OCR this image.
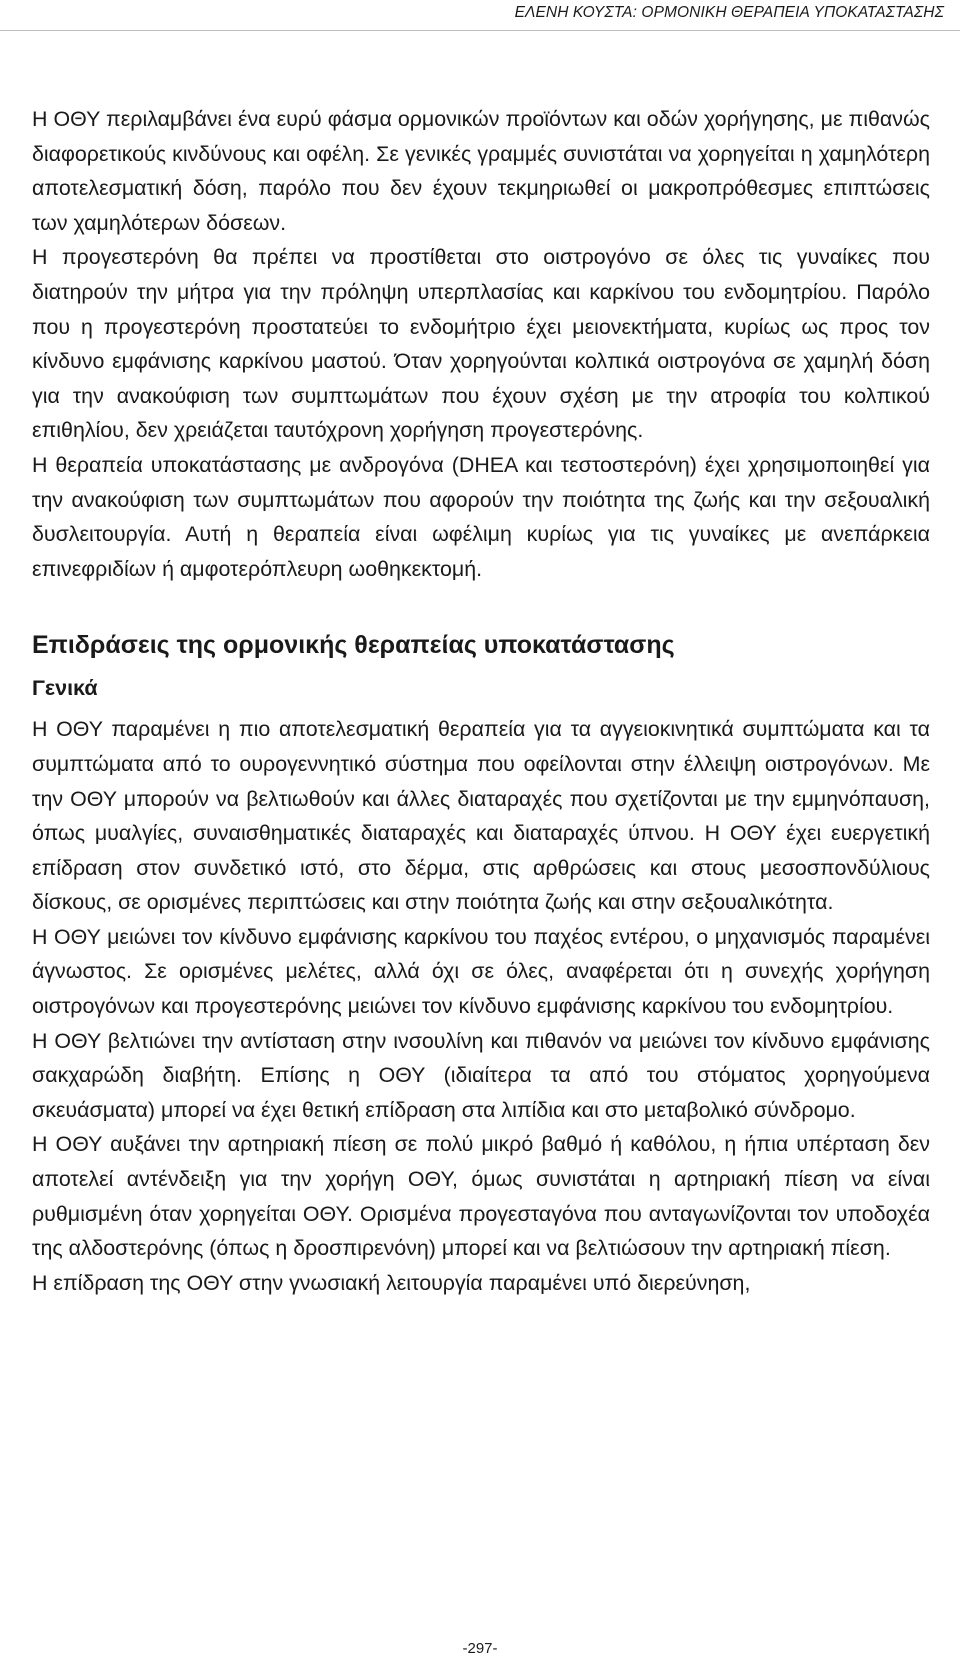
ΕΛΕΝΗ ΚΟΥΣΤΑ: ΟΡΜΟΝΙΚΗ ΘΕΡΑΠΕΙΑ ΥΠΟΚΑΤΑΣΤΑΣΗΣ

Η ΟΘΥ περιλαμβάνει ένα ευρύ φάσμα ορμονικών προϊόντων και οδών χορήγησης, με πιθανώς διαφορετικούς κινδύνους και οφέλη. Σε γενικές γραμμές συνιστάται να χορηγείται η χαμηλότερη αποτελεσματική δόση, παρόλο που δεν έχουν τεκμηριωθεί οι μακροπρόθεσμες επιπτώσεις των χαμηλότερων δόσεων.

Η προγεστερόνη θα πρέπει να προστίθεται στο οιστρογόνο σε όλες τις γυναίκες που διατηρούν την μήτρα για την πρόληψη υπερπλασίας και καρκίνου του ενδομητρίου. Παρόλο που η προγεστερόνη προστατεύει το ενδομήτριο έχει μειονεκτήματα, κυρίως ως προς τον κίνδυνο εμφάνισης καρκίνου μαστού. Όταν χορηγούνται κολπικά οιστρογόνα σε χαμηλή δόση για την ανακούφιση των συμπτωμάτων που έχουν σχέση με την ατροφία του κολπικού επιθηλίου, δεν χρειάζεται ταυτόχρονη χορήγηση προγεστερόνης.

Η θεραπεία υποκατάστασης με ανδρογόνα (DHEA και τεστοστερόνη) έχει χρησιμοποιηθεί για την ανακούφιση των συμπτωμάτων που αφορούν την ποιότητα της ζωής και την σεξουαλική δυσλειτουργία. Αυτή η θεραπεία είναι ωφέλιμη κυρίως για τις γυναίκες με ανεπάρκεια επινεφριδίων ή αμφοτερόπλευρη ωοθηκεκτομή.

Επιδράσεις της ορμονικής θεραπείας υποκατάστασης
Γενικά

Η ΟΘΥ παραμένει η πιο αποτελεσματική θεραπεία για τα αγγειοκινητικά συμπτώματα και τα συμπτώματα από το ουρογεννητικό σύστημα που οφείλονται στην έλλειψη οιστρογόνων. Με την ΟΘΥ μπορούν να βελτιωθούν και άλλες διαταραχές που σχετίζονται με την εμμηνόπαυση, όπως μυαλγίες, συναισθηματικές διαταραχές και διαταραχές ύπνου. Η ΟΘΥ έχει ευεργετική επίδραση στον συνδετικό ιστό, στο δέρμα, στις αρθρώσεις και στους μεσοσπονδύλιους δίσκους, σε ορισμένες περιπτώσεις και στην ποιότητα ζωής και στην σεξουαλικότητα.

Η ΟΘΥ μειώνει τον κίνδυνο εμφάνισης καρκίνου του παχέος εντέρου, ο μηχανισμός παραμένει άγνωστος. Σε ορισμένες μελέτες, αλλά όχι σε όλες, αναφέρεται ότι η συνεχής χορήγηση οιστρογόνων και προγεστερόνης μειώνει τον κίνδυνο εμφάνισης καρκίνου του ενδομητρίου.

Η ΟΘΥ βελτιώνει την αντίσταση στην ινσουλίνη και πιθανόν να μειώνει τον κίνδυνο εμφάνισης σακχαρώδη διαβήτη. Επίσης η ΟΘΥ (ιδιαίτερα τα από του στόματος χορηγούμενα σκευάσματα) μπορεί να έχει θετική επίδραση στα λιπίδια και στο μεταβολικό σύνδρομο.

Η ΟΘΥ αυξάνει την αρτηριακή πίεση σε πολύ μικρό βαθμό ή καθόλου, η ήπια υπέρταση δεν αποτελεί αντένδειξη για την χορήγη ΟΘΥ, όμως συνιστάται η αρτηριακή πίεση να είναι ρυθμισμένη όταν χορηγείται ΟΘΥ. Ορισμένα προγεσταγόνα που ανταγωνίζονται τον υποδοχέα της αλδοστερόνης (όπως η δροσπιρενόνη) μπορεί και να βελτιώσουν την αρτηριακή πίεση.

Η επίδραση της ΟΘΥ στην γνωσιακή λειτουργία παραμένει υπό διερεύνηση,

-297-
